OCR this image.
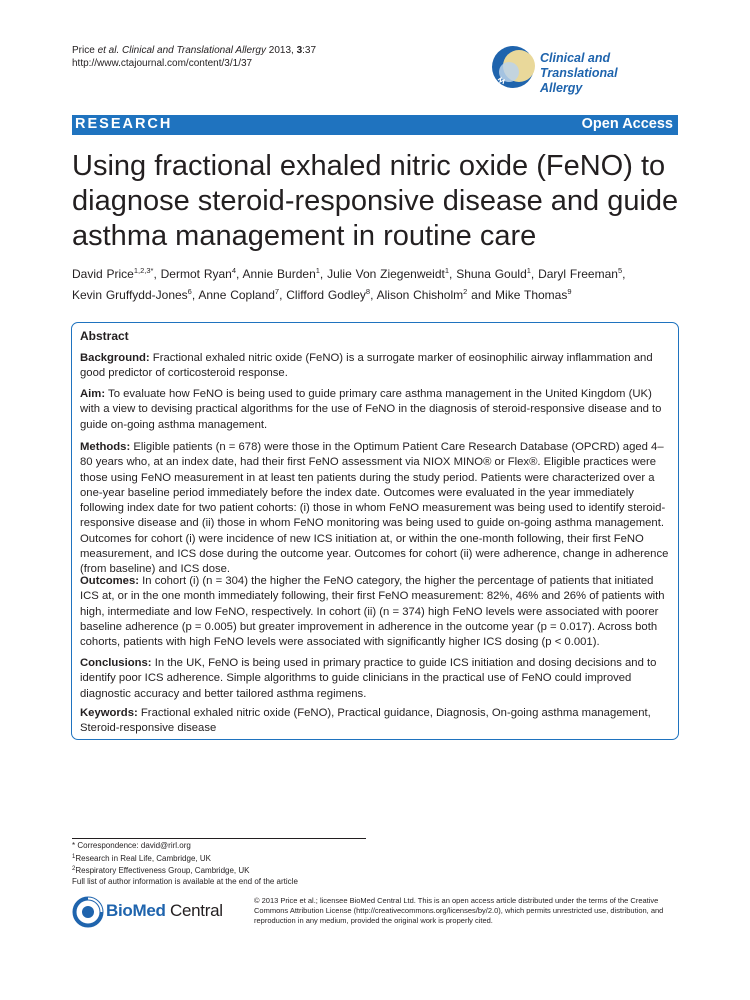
Price et al. Clinical and Translational Allergy 2013, 3:37
http://www.ctajournal.com/content/3/1/37	Clinical and Translational
Allergy
RESEARCH	Open Access
Using fractional exhaled nitric oxide (FeNO) to diagnose steroid-responsive disease and guide asthma management in routine care
David Price$^{1,2,3*}$, Dermot Ryan$^4$, Annie Burden$^1$, Julie Von Ziegenweidt$^1$, Shuna Gould$^1$, Daryl Freeman$^5$,
Kevin Gruffydd-Jones$^6$, Anne Copland$^7$, Clifford Godley$^8$, Alison Chisholm$^2$ and Mike Thomas$^9$
Abstract

Background: Fractional exhaled nitric oxide (FeNO) is a surrogate marker of eosinophilic airway inflammation and good predictor of corticosteroid response.

Aim: To evaluate how FeNO is being used to guide primary care asthma management in the United Kingdom (UK) with a view to devising practical algorithms for the use of FeNO in the diagnosis of steroid-responsive disease and to guide on-going asthma management.

Methods: Eligible patients (n = 678) were those in the Optimum Patient Care Research Database (OPCRD) aged 4–80 years who, at an index date, had their first FeNO assessment via NIOX MINO® or Flex®. Eligible practices were those using FeNO measurement in at least ten patients during the study period. Patients were characterized over a one-year baseline period immediately before the index date. Outcomes were evaluated in the year immediately following index date for two patient cohorts: (i) those in whom FeNO measurement was being used to identify steroid-responsive disease and (ii) those in whom FeNO monitoring was being used to guide on-going asthma management. Outcomes for cohort (i) were incidence of new ICS initiation at, or within the one-month following, their first FeNO measurement, and ICS dose during the outcome year. Outcomes for cohort (ii) were adherence, change in adherence (from baseline) and ICS dose.

Outcomes: In cohort (i) (n = 304) the higher the FeNO category, the higher the percentage of patients that initiated ICS at, or in the one month immediately following, their first FeNO measurement: 82%, 46% and 26% of patients with high, intermediate and low FeNO, respectively. In cohort (ii) (n = 374) high FeNO levels were associated with poorer baseline adherence (p = 0.005) but greater improvement in adherence in the outcome year (p = 0.017). Across both cohorts, patients with high FeNO levels were associated with significantly higher ICS dosing (p < 0.001).

Conclusions: In the UK, FeNO is being used in primary practice to guide ICS initiation and dosing decisions and to identify poor ICS adherence. Simple algorithms to guide clinicians in the practical use of FeNO could improved diagnostic accuracy and better tailored asthma regimens.

Keywords: Fractional exhaled nitric oxide (FeNO), Practical guidance, Diagnosis, On-going asthma management, Steroid-responsive disease

* Correspondence: david@rirl.org
$^1$Research in Real Life, Cambridge, UK
$^2$Respiratory Effectiveness Group, Cambridge, UK
Full list of author information is available at the end of the article
BioMed Central
© 2013 Price et al.; licensee BioMed Central Ltd. This is an open access article distributed under the terms of the Creative Commons Attribution License (http://creativecommons.org/licenses/by/2.0), which permits unrestricted use, distribution, and reproduction in any medium, provided the original work is properly cited.
